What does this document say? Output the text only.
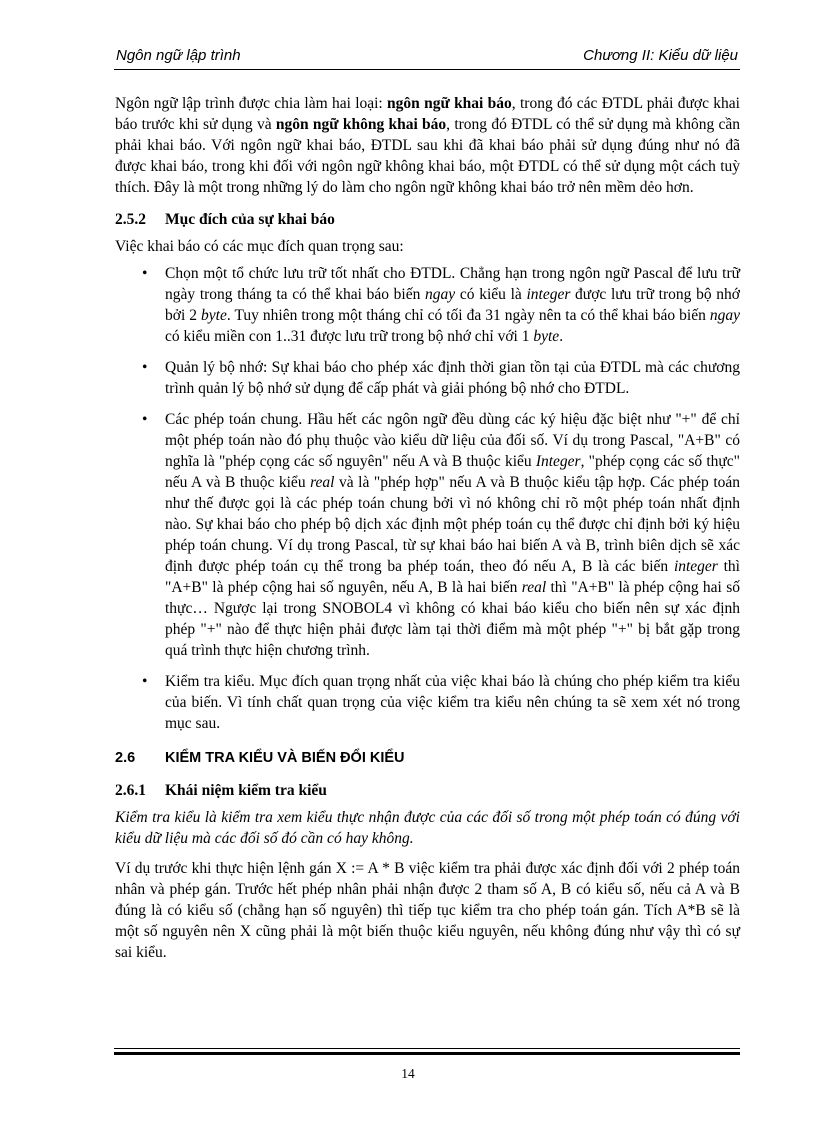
Ngôn ngữ lập trình	Chương II: Kiểu dữ liệu

Ngôn ngữ lập trình được chia làm hai loại: ngôn ngữ khai báo, trong đó các ĐTDL phải được khai báo trước khi sử dụng và ngôn ngữ không khai báo, trong đó ĐTDL có thể sử dụng mà không cần phải khai báo. Với ngôn ngữ khai báo, ĐTDL sau khi đã khai báo phải sử dụng đúng như nó đã được khai báo, trong khi đối với ngôn ngữ không khai báo, một ĐTDL có thể sử dụng một cách tuỳ thích. Đây là một trong những lý do làm cho ngôn ngữ không khai báo trở nên mềm dẻo hơn.

2.5.2 Mục đích của sự khai báo

Việc khai báo có các mục đích quan trọng sau:

• Chọn một tổ chức lưu trữ tốt nhất cho ĐTDL. Chẳng hạn trong ngôn ngữ Pascal để lưu trữ ngày trong tháng ta có thể khai báo biến ngay có kiểu là integer được lưu trữ trong bộ nhớ bởi 2 byte. Tuy nhiên trong một tháng chỉ có tối đa 31 ngày nên ta có thể khai báo biến ngay có kiểu miền con 1..31 được lưu trữ trong bộ nhớ chỉ với 1 byte.
• Quản lý bộ nhớ: Sự khai báo cho phép xác định thời gian tồn tại của ĐTDL mà các chương trình quản lý bộ nhớ sử dụng để cấp phát và giải phóng bộ nhớ cho ĐTDL.
• Các phép toán chung. Hầu hết các ngôn ngữ đều dùng các ký hiệu đặc biệt như "+" để chỉ một phép toán nào đó phụ thuộc vào kiểu dữ liệu của đối số. Ví dụ trong Pascal, "A+B" có nghĩa là "phép cọng các số nguyên" nếu A và B thuộc kiểu Integer, "phép cọng các số thực" nếu A và B thuộc kiểu real và là "phép hợp" nếu A và B thuộc kiểu tập hợp. Các phép toán như thế được gọi là các phép toán chung bởi vì nó không chỉ rõ một phép toán nhất định nào. Sự khai báo cho phép bộ dịch xác định một phép toán cụ thể được chỉ định bởi ký hiệu phép toán chung. Ví dụ trong Pascal, từ sự khai báo hai biến A và B, trình biên dịch sẽ xác định được phép toán cụ thể trong ba phép toán, theo đó nếu A, B là các biến integer thì "A+B" là phép cộng hai số nguyên, nếu A, B là hai biến real thì "A+B" là phép cộng hai số thực… Ngược lại trong SNOBOL4 vì không có khai báo kiểu cho biến nên sự xác định phép "+" nào để thực hiện phải được làm tại thời điểm mà một phép "+" bị bắt gặp trong quá trình thực hiện chương trình.
• Kiểm tra kiểu. Mục đích quan trọng nhất của việc khai báo là chúng cho phép kiểm tra kiểu của biến. Vì tính chất quan trọng của việc kiểm tra kiểu nên chúng ta sẽ xem xét nó trong mục sau.
2.6 KIỂM TRA KIỂU VÀ BIẾN ĐỔI KIỂU
2.6.1 Khái niệm kiểm tra kiểu

Kiểm tra kiểu là kiểm tra xem kiểu thực nhận được của các đối số trong một phép toán có đúng với kiểu dữ liệu mà các đối số đó cần có hay không.

Ví dụ trước khi thực hiện lệnh gán X := A * B việc kiểm tra phải được xác định đối với 2 phép toán nhân và phép gán. Trước hết phép nhân phải nhận được 2 tham số A, B có kiểu số, nếu cả A và B đúng là có kiểu số (chẳng hạn số nguyên) thì tiếp tục kiểm tra cho phép toán gán. Tích A*B sẽ là một số nguyên nên X cũng phải là một biến thuộc kiểu nguyên, nếu không đúng như vậy thì có sự sai kiểu.

14
